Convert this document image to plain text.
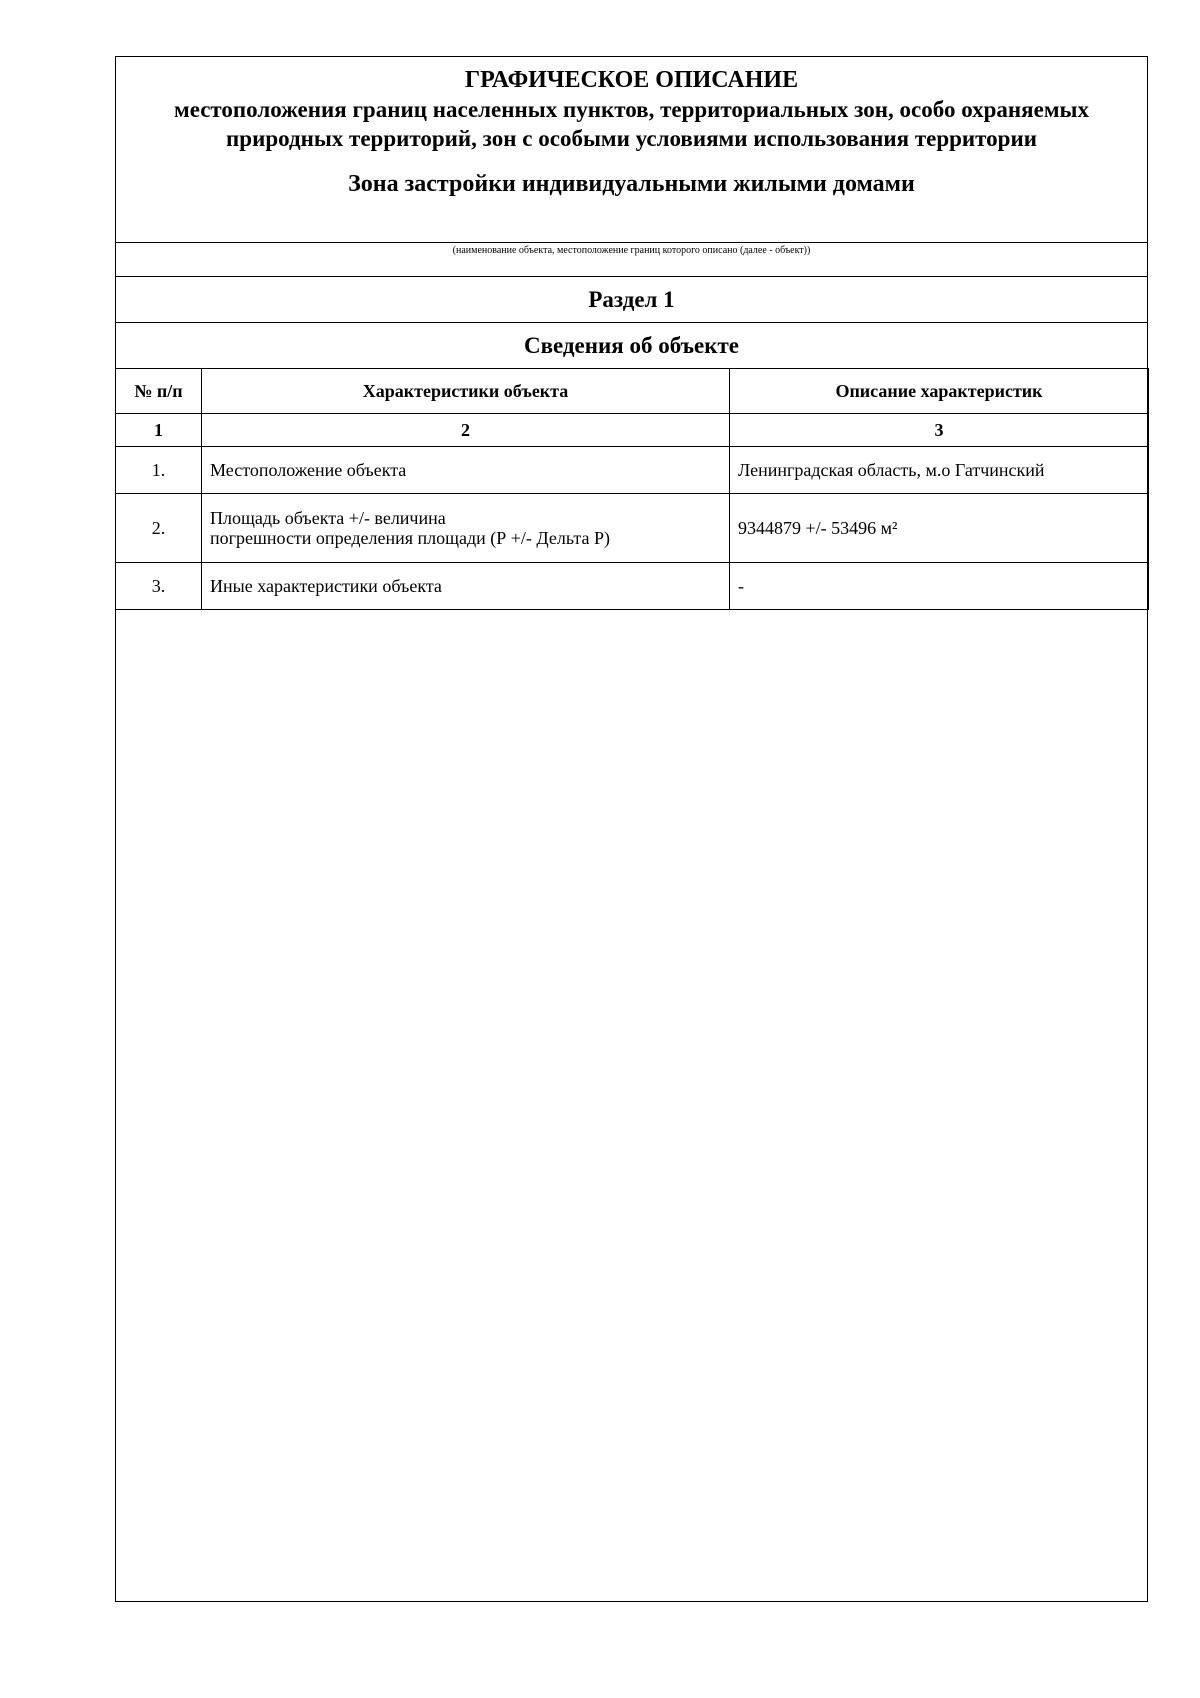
ГРАФИЧЕСКОЕ ОПИСАНИЕ
местоположения границ населенных пунктов, территориальных зон, особо охраняемых природных территорий, зон с особыми условиями использования территории
Зона застройки индивидуальными жилыми домами
(наименование объекта, местоположение границ которого описано (далее - объект))
Раздел 1
Сведения об объекте
№ п/п	Характеристики объекта	Описание характеристик
1	2	3
1.	Местоположение объекта	Ленинградская область, м.о Гатчинский
2.	Площадь объекта +/- величина
погрешности определения площади (Р +/- Дельта Р)	9344879 +/- 53496 м²
3.	Иные характеристики объекта	-
